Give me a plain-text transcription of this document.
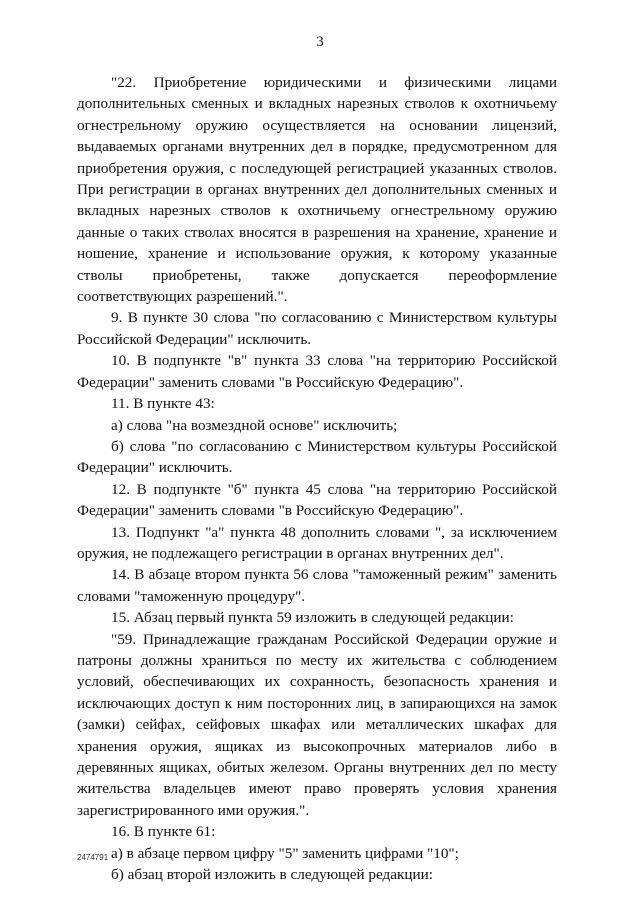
3

"22. Приобретение юридическими и физическими лицами дополнительных сменных и вкладных нарезных стволов к охотничьему огнестрельному оружию осуществляется на основании лицензий, выдаваемых органами внутренних дел в порядке, предусмотренном для приобретения оружия, с последующей регистрацией указанных стволов. При регистрации в органах внутренних дел дополнительных сменных и вкладных нарезных стволов к охотничьему огнестрельному оружию данные о таких стволах вносятся в разрешения на хранение, хранение и ношение, хранение и использование оружия, к которому указанные стволы приобретены, также допускается переоформление соответствующих разрешений.".

9. В пункте 30 слова "по согласованию с Министерством культуры Российской Федерации" исключить.

10. В подпункте "в" пункта 33 слова "на территорию Российской Федерации" заменить словами "в Российскую Федерацию".

11. В пункте 43:

а) слова "на возмездной основе" исключить;

б) слова "по согласованию с Министерством культуры Российской Федерации" исключить.

12. В подпункте "б" пункта 45 слова "на территорию Российской Федерации" заменить словами "в Российскую Федерацию".

13. Подпункт "а" пункта 48 дополнить словами ", за исключением оружия, не подлежащего регистрации в органах внутренних дел".

14. В абзаце втором пункта 56 слова "таможенный режим" заменить словами "таможенную процедуру".

15. Абзац первый пункта 59 изложить в следующей редакции:

"59. Принадлежащие гражданам Российской Федерации оружие и патроны должны храниться по месту их жительства с соблюдением условий, обеспечивающих их сохранность, безопасность хранения и исключающих доступ к ним посторонних лиц, в запирающихся на замок (замки) сейфах, сейфовых шкафах или металлических шкафах для хранения оружия, ящиках из высокопрочных материалов либо в деревянных ящиках, обитых железом. Органы внутренних дел по месту жительства владельцев имеют право проверять условия хранения зарегистрированного ими оружия.".

16. В пункте 61:

а) в абзаце первом цифру "5" заменить цифрами "10";

б) абзац второй изложить в следующей редакции:

2474791
